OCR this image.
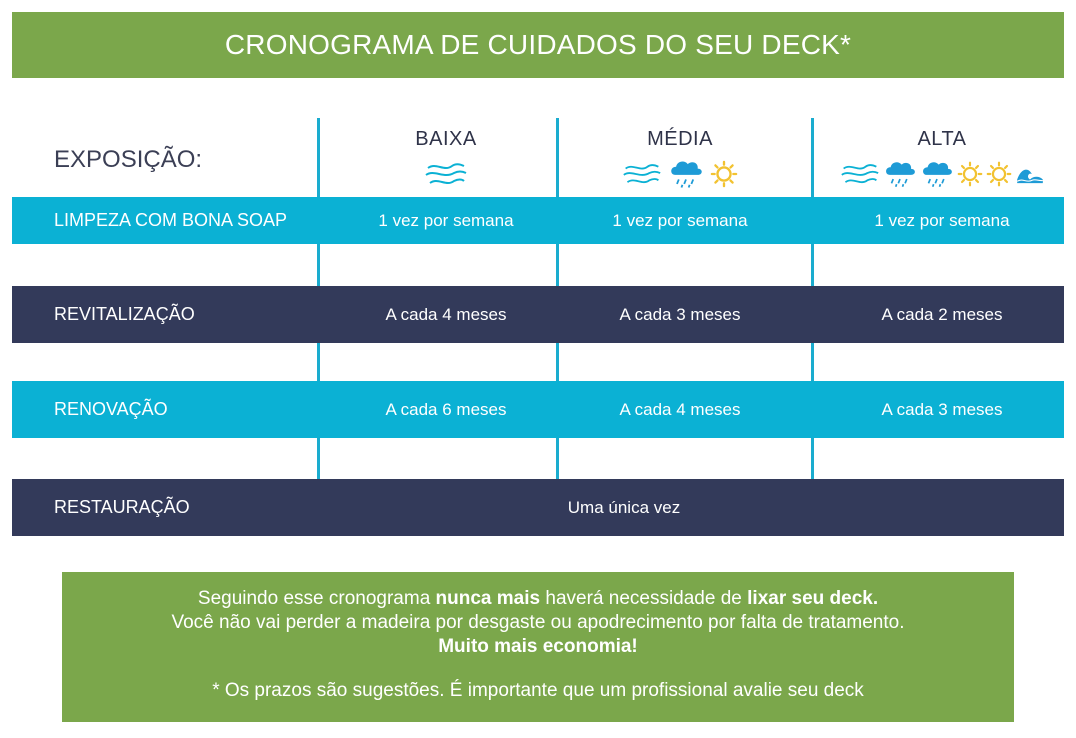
CRONOGRAMA DE CUIDADOS DO SEU DECK*
EXPOSIÇÃO:
BAIXA	MÉDIA	ALTA
LIMPEZA COM BONA SOAP	1 vez por semana	1 vez por semana	1 vez por semana
REVITALIZAÇÃO	A cada 4 meses	A cada 3 meses	A cada 2 meses
RENOVAÇÃO	A cada 6 meses	A cada 4 meses	A cada 3 meses
RESTAURAÇÃO	Uma única vez
Seguindo esse cronograma nunca mais haverá necessidade de lixar seu deck.
Você não vai perder a madeira por desgaste ou apodrecimento por falta de tratamento.
Muito mais economia!
* Os prazos são sugestões. É importante que um profissional avalie seu deck
